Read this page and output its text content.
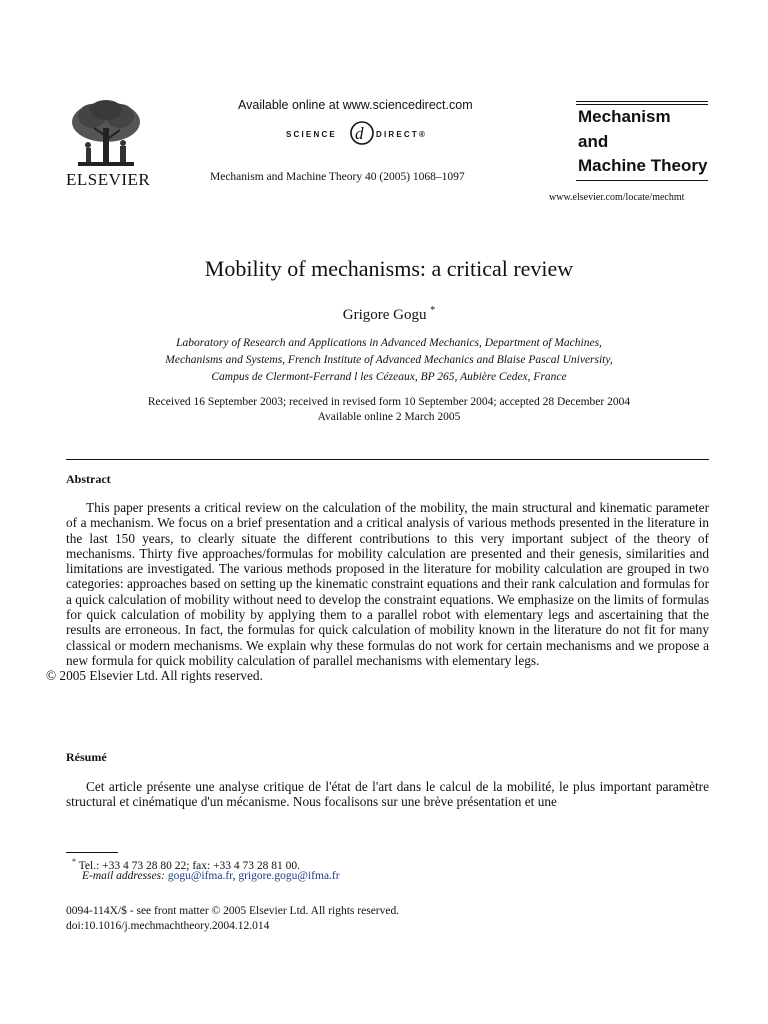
ELSEVIER
Available online at www.sciencedirect.com
SCIENCE d DIRECT®
Mechanism and Machine Theory 40 (2005) 1068–1097
Mechanism
and
Machine Theory
www.elsevier.com/locate/mechmt
Mobility of mechanisms: a critical review
Grigore Gogu *
Laboratory of Research and Applications in Advanced Mechanics, Department of Machines,
Mechanisms and Systems, French Institute of Advanced Mechanics and Blaise Pascal University,
Campus de Clermont-Ferrand l les Cézeaux, BP 265, Aubière Cedex, France
Received 16 September 2003; received in revised form 10 September 2004; accepted 28 December 2004
Available online 2 March 2005
Abstract
This paper presents a critical review on the calculation of the mobility, the main structural and kinematic parameter of a mechanism. We focus on a brief presentation and a critical analysis of various methods presented in the literature in the last 150 years, to clearly situate the different contributions to this very important subject of the theory of mechanisms. Thirty five approaches/formulas for mobility calculation are presented and their genesis, similarities and limitations are investigated. The various methods proposed in the literature for mobility calculation are grouped in two categories: approaches based on setting up the kinematic constraint equations and their rank calculation and formulas for a quick calculation of mobility without need to develop the constraint equations. We emphasize on the limits of formulas for quick calculation of mobility by applying them to a parallel robot with elementary legs and ascertaining that the results are erroneous. In fact, the formulas for quick calculation of mobility known in the literature do not fit for many classical or modern mechanisms. We explain why these formulas do not work for certain mechanisms and we propose a new formula for quick mobility calculation of parallel mechanisms with elementary legs.
© 2005 Elsevier Ltd. All rights reserved.
Résumé
Cet article présente une analyse critique de l'état de l'art dans le calcul de la mobilité, le plus important paramètre structural et cinématique d'un mécanisme. Nous focalisons sur une brève présentation et une
* Tel.: +33 4 73 28 80 22; fax: +33 4 73 28 81 00.
E-mail addresses: gogu@ifma.fr, grigore.gogu@ifma.fr
0094-114X/$ - see front matter © 2005 Elsevier Ltd. All rights reserved.
doi:10.1016/j.mechmachtheory.2004.12.014
